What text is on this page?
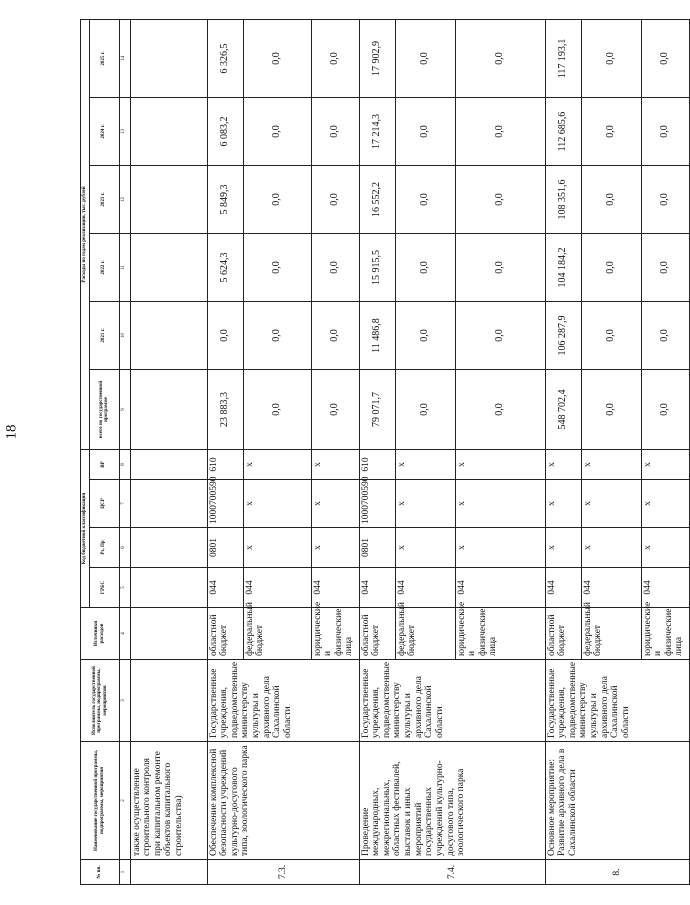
18
№ пп.	Наименование государственной программы, подпрограммы, мероприятия	Исполнитель государственной программы, подпрограммы, мероприятия	Источники расходов	Код бюджетной классификации				Расходы по годам реализации, тыс. рублей					
				ГРБС	Рз, Пр	ЦСР	ВР	всего по государственной программе	2021 г.	2022 г.	2023 г.	2024 г.	2025 г.
1	2	3	4	5	6	7	8	9	10	11	12	13	14
	также осуществление строительного контроля при капитальном ремонте объектов капитального строительства)												
7.3.	Обеспечение комплексной безопасности учреждений культурно-досугового типа, зоологического парка	Государственные учреждения, подведомственные министерству культуры и архивного дела Сахалинской области	областной бюджет	044	0801	1000700590	610	23 883,3	0,0	5 624,3	5 849,3	6 083,2	6 326,5
			федеральный бюджет	044	x	x	x	0,0	0,0	0,0	0,0	0,0	0,0
			юридические и физические лица	044	x	x	x	0,0	0,0	0,0	0,0	0,0	0,0
7.4.	Проведение международных, межрегиональных, областных фестивалей, выставок и иных мероприятий государственных учреждений культурно-досугового типа, зоологического парка	Государственные учреждения, подведомственные министерству культуры и архивного дела Сахалинской области	областной бюджет	044	0801	1000700590	610	79 071,7	11 486,8	15 915,5	16 552,2	17 214,3	17 902,9
			федеральный бюджет	044	x	x	x	0,0	0,0	0,0	0,0	0,0	0,0
			юридические и физические лица	044	x	x	x	0,0	0,0	0,0	0,0	0,0	0,0
8.	Основное мероприятие: Развитие архивного дела в Сахалинской области	Государственные учреждения, подведомственные министерству культуры и архивного дела Сахалинской области	областной бюджет	044	x	x	x	548 702,4	106 287,9	104 184,2	108 351,6	112 685,6	117 193,1
			федеральный бюджет	044	x	x	x	0,0	0,0	0,0	0,0	0,0	0,0
			юридические и физические лица	044	x	x	x	0,0	0,0	0,0	0,0	0,0	0,0
